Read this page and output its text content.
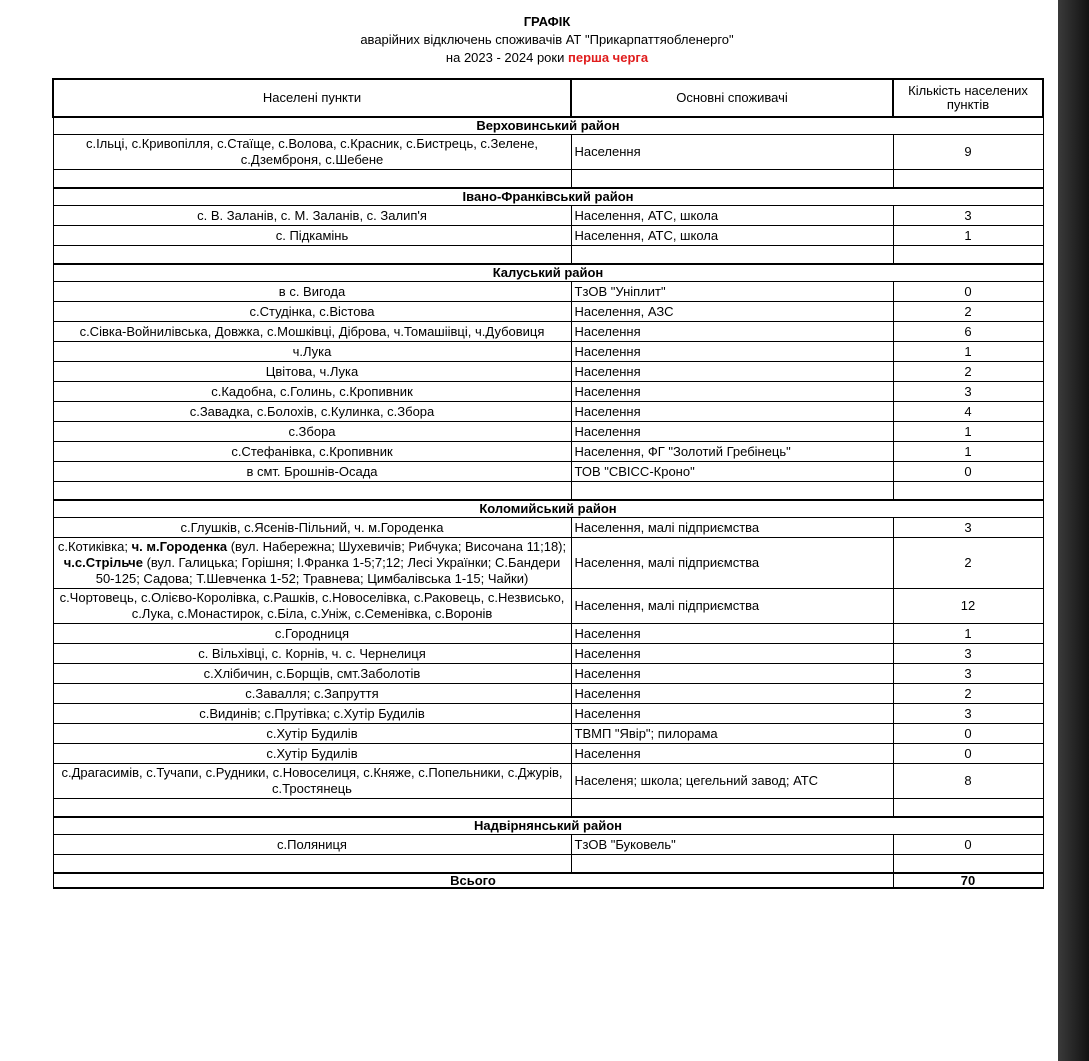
ГРАФІК
аварійних відключень споживачів АТ "Прикарпаттяобленерго"
на 2023 - 2024 роки перша черга
Населені пункти	Основні споживачі	Кількість населених пунктів
Верховинський район		
с.Ільці, с.Кривопілля, с.Стаїще, с.Волова, с.Красник, с.Бистрець, с.Зелене, с.Дземброня, с.Шебене	Населення	9

Івано-Франківський район		
с. В. Заланів, с. М. Заланів, с. Залип'я	Населення, АТС, школа	3
с. Підкамінь	Населення, АТС, школа	1

Калуський район		
в с. Вигода	ТзОВ "Уніплит"	0
с.Студінка, с.Вістова	Населення, АЗС	2
с.Сівка-Войнилівська, Довжка, с.Мошківці, Діброва, ч.Томашіівці, ч.Дубовиця	Населення	6
ч.Лука	Населення	1
Цвітова, ч.Лука	Населення	2
с.Кадобна, с.Голинь, с.Кропивник	Населення	3
с.Завадка, с.Болохів, с.Кулинка, с.Збора	Населення	4
с.Збора	Населення	1
с.Стефанівка, с.Кропивник	Населення, ФГ "Золотий Гребінець"	1
в смт. Брошнів-Осада	ТОВ "СВІСС-Кроно"	0

Коломийський район		
с.Глушків, с.Ясенів-Пільний, ч. м.Городенка	Населення, малі підприємства	3
с.Котиківка; ч. м.Городенка (вул. Набережна; Шухевичів; Рибчука; Височана 11;18); ч.с.Стрільче (вул. Галицька; Горішня; І.Франка 1-5;7;12; Лесі Українки; С.Бандери 50-125; Садова; Т.Шевченка 1-52; Травнева; Цимбалівська 1-15; Чайки)	Населення, малі підприємства	2
с.Чортовець, с.Олієво-Королівка, с.Рашків, с.Новоселівка, с.Раковець, с.Незвисько, с.Лука, с.Монастирок, с.Біла, с.Уніж, с.Семенівка, с.Воронів	Населення, малі підприємства	12
с.Городниця	Населення	1
с. Вільхівці, с. Корнів, ч. с. Чернелиця	Населення	3
с.Хлібичин, с.Борщів, смт.Заболотів	Населення	3
с.Завалля; с.Запруття	Населення	2
с.Видинів; с.Прутівка; с.Хутір Будилів	Населення	3
с.Хутір Будилів	ТВМП "Явір"; пилорама	0
с.Хутір Будилів	Населення	0
с.Драгасимів, с.Тучапи, с.Рудники, с.Новоселиця, с.Княже, с.Попельники, с.Джурів, с.Тростянець	Населеня; школа; цегельний завод; АТС	8

Надвірнянський район		
с.Поляниця	ТзОВ "Буковель"	0

Всього		70
